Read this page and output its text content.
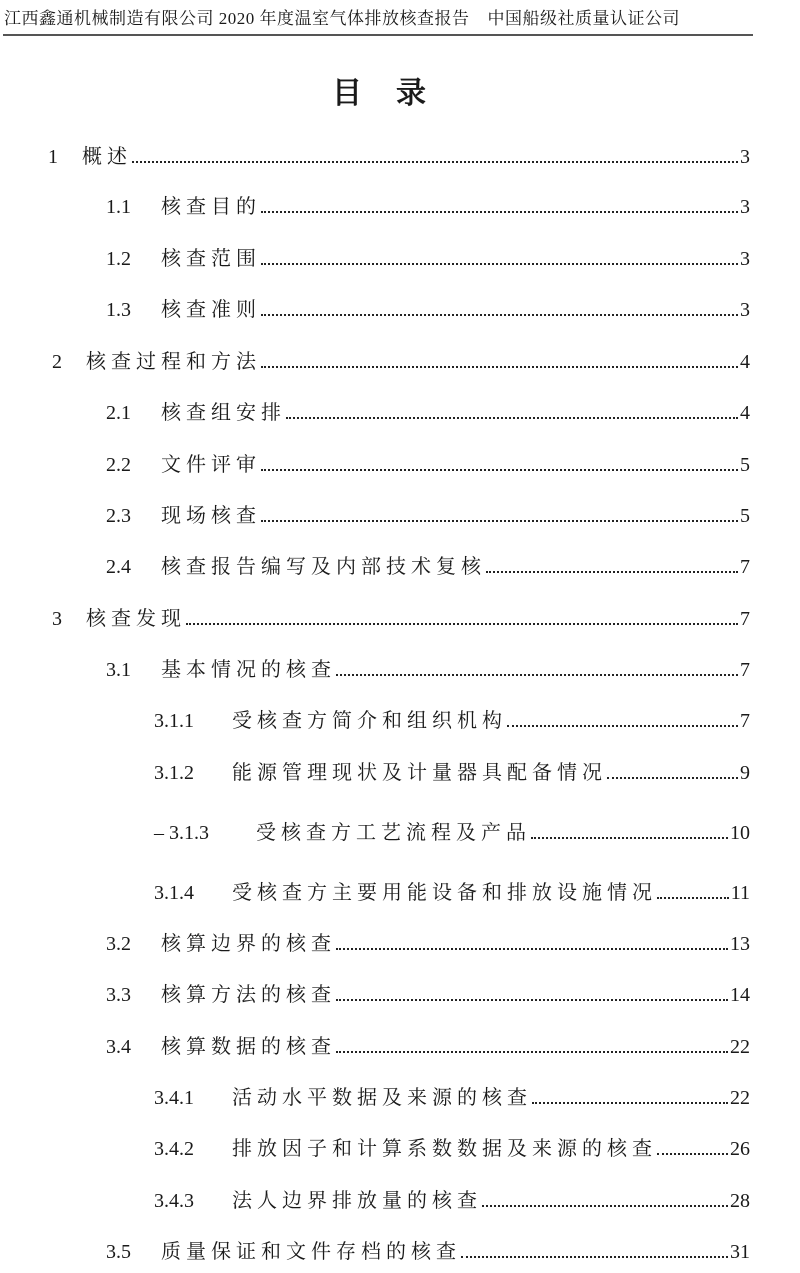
江西鑫通机械制造有限公司 2020 年度温室气体排放核查报告 中国船级社质量认证公司
目 录
1	概述	3
1.1	核查目的	3
1.2	核查范围	3
1.3	核查准则	3
2	核查过程和方法	4
2.1	核查组安排	4
2.2	文件评审	5
2.3	现场核查	5
2.4	核查报告编写及内部技术复核	7
3	核查发现	7
3.1	基本情况的核查	7
3.1.1	受核查方简介和组织机构	7
3.1.2	能源管理现状及计量器具配备情况	9
– 3.1.3	受核查方工艺流程及产品	10
3.1.4	受核查方主要用能设备和排放设施情况	11
3.2	核算边界的核查	13
3.3	核算方法的核查	14
3.4	核算数据的核查	22
3.4.1	活动水平数据及来源的核查	22
3.4.2	排放因子和计算系数数据及来源的核查	26
3.4.3	法人边界排放量的核查	28
3.5	质量保证和文件存档的核查	31
